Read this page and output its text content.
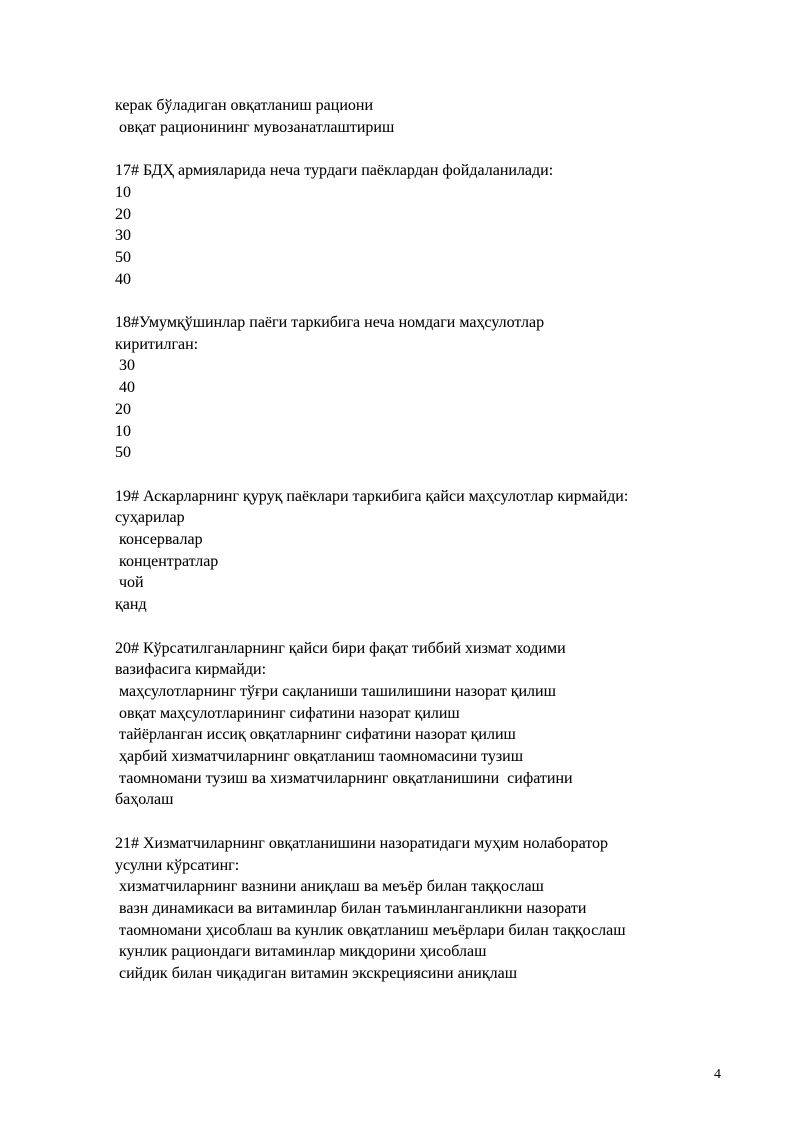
керак бўладиган овқатланиш рациони
овқат рационининг мувозанатлаштириш
17# БДҲ армияларида неча турдаги паёклардан фойдаланилади:
10
20
30
50
40
18#Умумқўшинлар паёги таркибига неча номдаги маҳсулотлар
киритилган:
30
40
20
10
50
19# Аскарларнинг қуруқ паёклари таркибига қайси маҳсулотлар кирмайди:
суҳарилар
консервалар
концентратлар
чой
қанд
20# Кўрсатилганларнинг қайси бири фақат тиббий хизмат ходими
вазифасига кирмайди:
маҳсулотларнинг тўғри сақланиши ташилишини назорат қилиш
овқат маҳсулотларининг сифатини назорат қилиш
тайёрланган иссиқ овқатларнинг сифатини назорат қилиш
ҳарбий хизматчиларнинг овқатланиш таомномасини тузиш
таомномани тузиш ва хизматчиларнинг овқатланишини  сифатини
баҳолаш
21# Хизматчиларнинг овқатланишини назоратидаги муҳим нолаборатор
усулни кўрсатинг:
хизматчиларнинг вазнини аниқлаш ва меъёр билан таққослаш
вазн динамикаси ва витаминлар билан таъминланганликни назорати
таомномани ҳисоблаш ва кунлик овқатланиш меъёрлари билан таққослаш
кунлик рациондаги витаминлар миқдорини ҳисоблаш
сийдик билан чиқадиган витамин экскрециясини аниқлаш
4
